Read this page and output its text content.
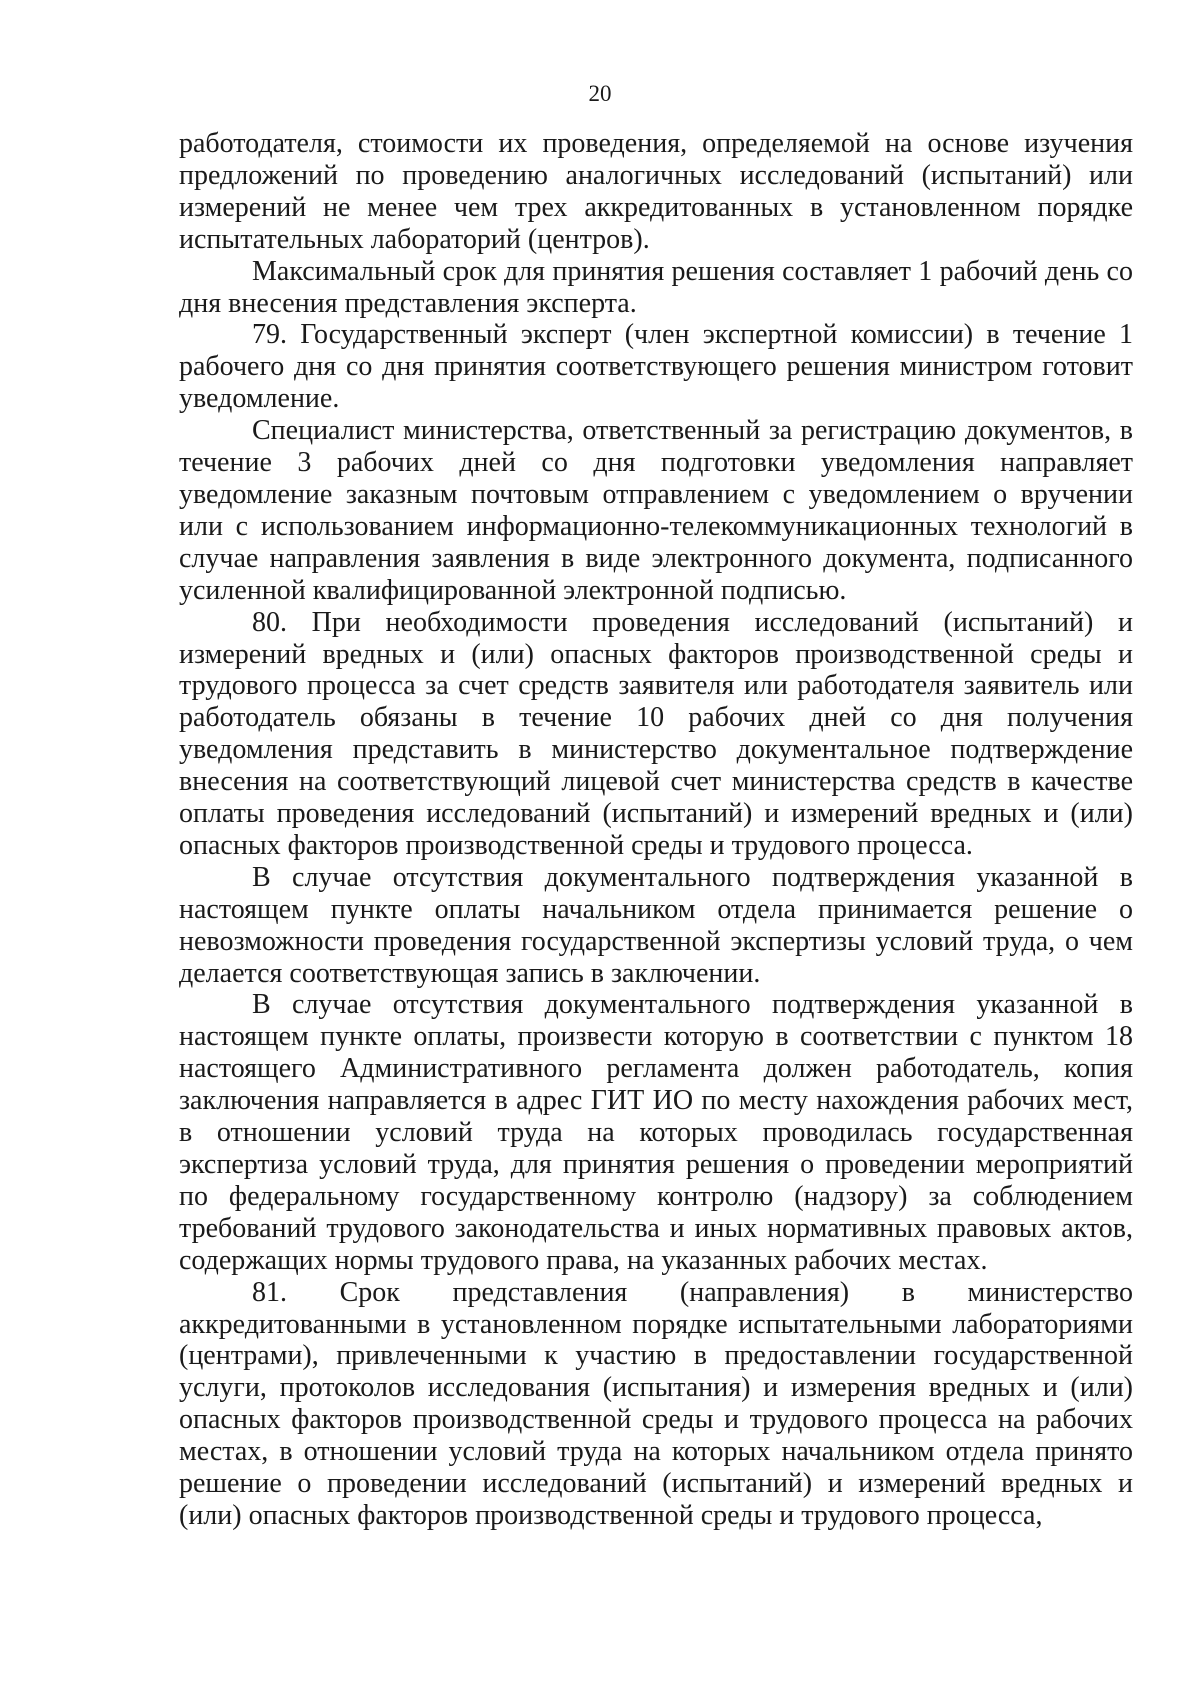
20

работодателя, стоимости их проведения, определяемой на основе изучения предложений по проведению аналогичных исследований (испытаний) или измерений не менее чем трех аккредитованных в установленном порядке испытательных лабораторий (центров).

Максимальный срок для принятия решения составляет 1 рабочий день со дня внесения представления эксперта.

79. Государственный эксперт (член экспертной комиссии) в течение 1 рабочего дня со дня принятия соответствующего решения министром готовит уведомление.

Специалист министерства, ответственный за регистрацию документов, в течение 3 рабочих дней со дня подготовки уведомления направляет уведомление заказным почтовым отправлением с уведомлением о вручении или с использованием информационно-телекоммуникационных технологий в случае направления заявления в виде электронного документа, подписанного усиленной квалифицированной электронной подписью.

80. При необходимости проведения исследований (испытаний) и измерений вредных и (или) опасных факторов производственной среды и трудового процесса за счет средств заявителя или работодателя заявитель или работодатель обязаны в течение 10 рабочих дней со дня получения уведомления представить в министерство документальное подтверждение внесения на соответствующий лицевой счет министерства средств в качестве оплаты проведения исследований (испытаний) и измерений вредных и (или) опасных факторов производственной среды и трудового процесса.

В случае отсутствия документального подтверждения указанной в настоящем пункте оплаты начальником отдела принимается решение о невозможности проведения государственной экспертизы условий труда, о чем делается соответствующая запись в заключении.

В случае отсутствия документального подтверждения указанной в настоящем пункте оплаты, произвести которую в соответствии с пунктом 18 настоящего Административного регламента должен работодатель, копия заключения направляется в адрес ГИТ ИО по месту нахождения рабочих мест, в отношении условий труда на которых проводилась государственная экспертиза условий труда, для принятия решения о проведении мероприятий по федеральному государственному контролю (надзору) за соблюдением требований трудового законодательства и иных нормативных правовых актов, содержащих нормы трудового права, на указанных рабочих местах.

81. Срок представления (направления) в министерство аккредитованными в установленном порядке испытательными лабораториями (центрами), привлеченными к участию в предоставлении государственной услуги, протоколов исследования (испытания) и измерения вредных и (или) опасных факторов производственной среды и трудового процесса на рабочих местах, в отношении условий труда на которых начальником отдела принято решение о проведении исследований (испытаний) и измерений вредных и (или) опасных факторов производственной среды и трудового процесса,
